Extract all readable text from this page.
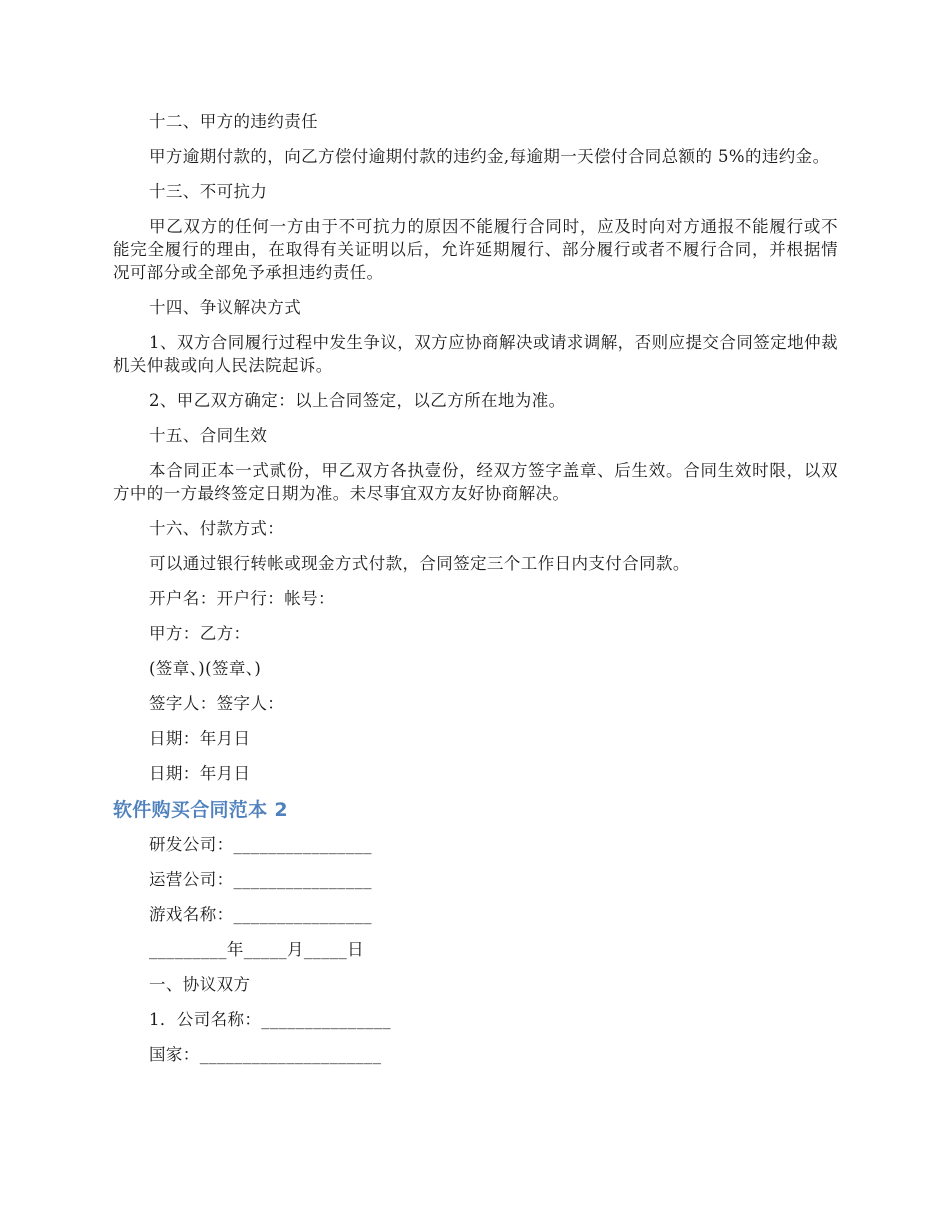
十二、甲方的违约责任

甲方逾期付款的，向乙方偿付逾期付款的违约金,每逾期一天偿付合同总额的 5%的违约金。

十三、不可抗力

甲乙双方的任何一方由于不可抗力的原因不能履行合同时，应及时向对方通报不能履行或不能完全履行的理由，在取得有关证明以后，允许延期履行、部分履行或者不履行合同，并根据情况可部分或全部免予承担违约责任。

十四、争议解决方式

1、双方合同履行过程中发生争议，双方应协商解决或请求调解，否则应提交合同签定地仲裁机关仲裁或向人民法院起诉。

2、甲乙双方确定：以上合同签定，以乙方所在地为准。

十五、合同生效

本合同正本一式贰份，甲乙双方各执壹份，经双方签字盖章、后生效。合同生效时限，以双方中的一方最终签定日期为准。未尽事宜双方友好协商解决。

十六、付款方式：

可以通过银行转帐或现金方式付款，合同签定三个工作日内支付合同款。

开户名：开户行：帐号：

甲方：乙方：

(签章、)(签章、)

签字人：签字人：

日期：年月日

日期：年月日

软件购买合同范本 2

研发公司：________________

运营公司：________________

游戏名称：________________

_________年_____月_____日

一、协议双方

1．公司名称：_______________

国家：_____________________
